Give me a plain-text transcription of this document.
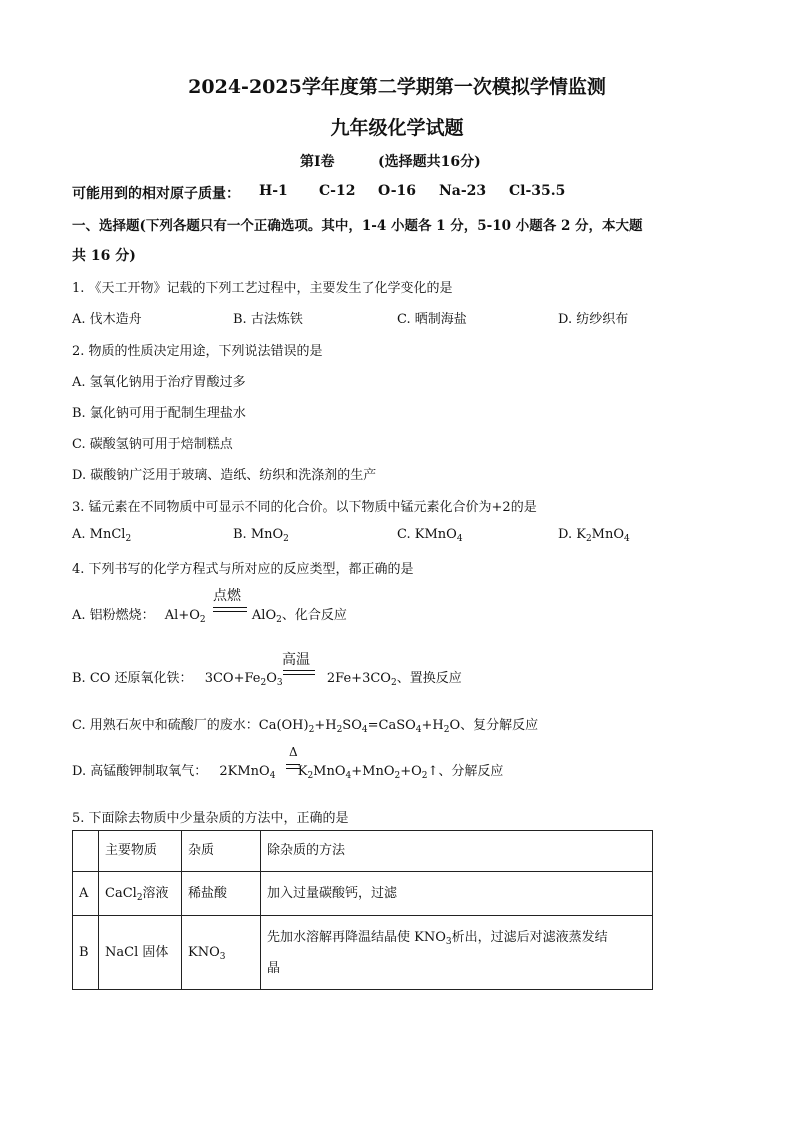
2024-2025学年度第二学期第一次模拟学情监测
九年级化学试题
第I卷	(选择题共16分)
可能用到的相对原子质量： H-1 C-12 O-16 Na-23 Cl-35.5
一、选择题(下列各题只有一个正确选项。其中，1-4 小题各 1 分，5-10 小题各 2 分，本大题
共 16 分)
1. 《天工开物》记载的下列工艺过程中，主要发生了化学变化的是
A. 伐木造舟	B. 古法炼铁	C. 晒制海盐	D. 纺纱织布
2. 物质的性质决定用途，下列说法错误的是
A. 氢氧化钠用于治疗胃酸过多
B. 氯化钠可用于配制生理盐水
C. 碳酸氢钠可用于焙制糕点
D. 碳酸钠广泛用于玻璃、造纸、纺织和洗涤剂的生产
3. 锰元素在不同物质中可显示不同的化合价。以下物质中锰元素化合价为+2的是
A. MnCl$_2$	B. MnO$_2$	C. KMnO$_4$	D. $K_2MnO_4$
4. 下列书写的化学方程式与所对应的反应类型，都正确的是
A. 铝粉燃烧： $Al+O_2$	AlO$_2$、化合反应
点燃
B. CO 还原氧化铁： $3CO+Fe_2O_3$	$2Fe+3CO_2$、置换反应
高温
C. 用熟石灰中和硫酸厂的废水：$Ca(OH)_2+H_2SO_4=CaSO_4+H_2O$、复分解反应
D. 高锰酸钾制取氧气： 2KMnO$_4$ $K_2MnO_4+MnO_2+O_2↑$、分解反应
Δ
5. 下面除去物质中少量杂质的方法中，正确的是
	主要物质	杂质	除杂质的方法
A	CaCl$_2$溶液	稀盐酸	加入过量碳酸钙，过滤
B	NaCl 固体	$KNO_3$	先加水溶解再降温结晶使 $KNO_3$析出，过滤后对滤液蒸发结
晶
